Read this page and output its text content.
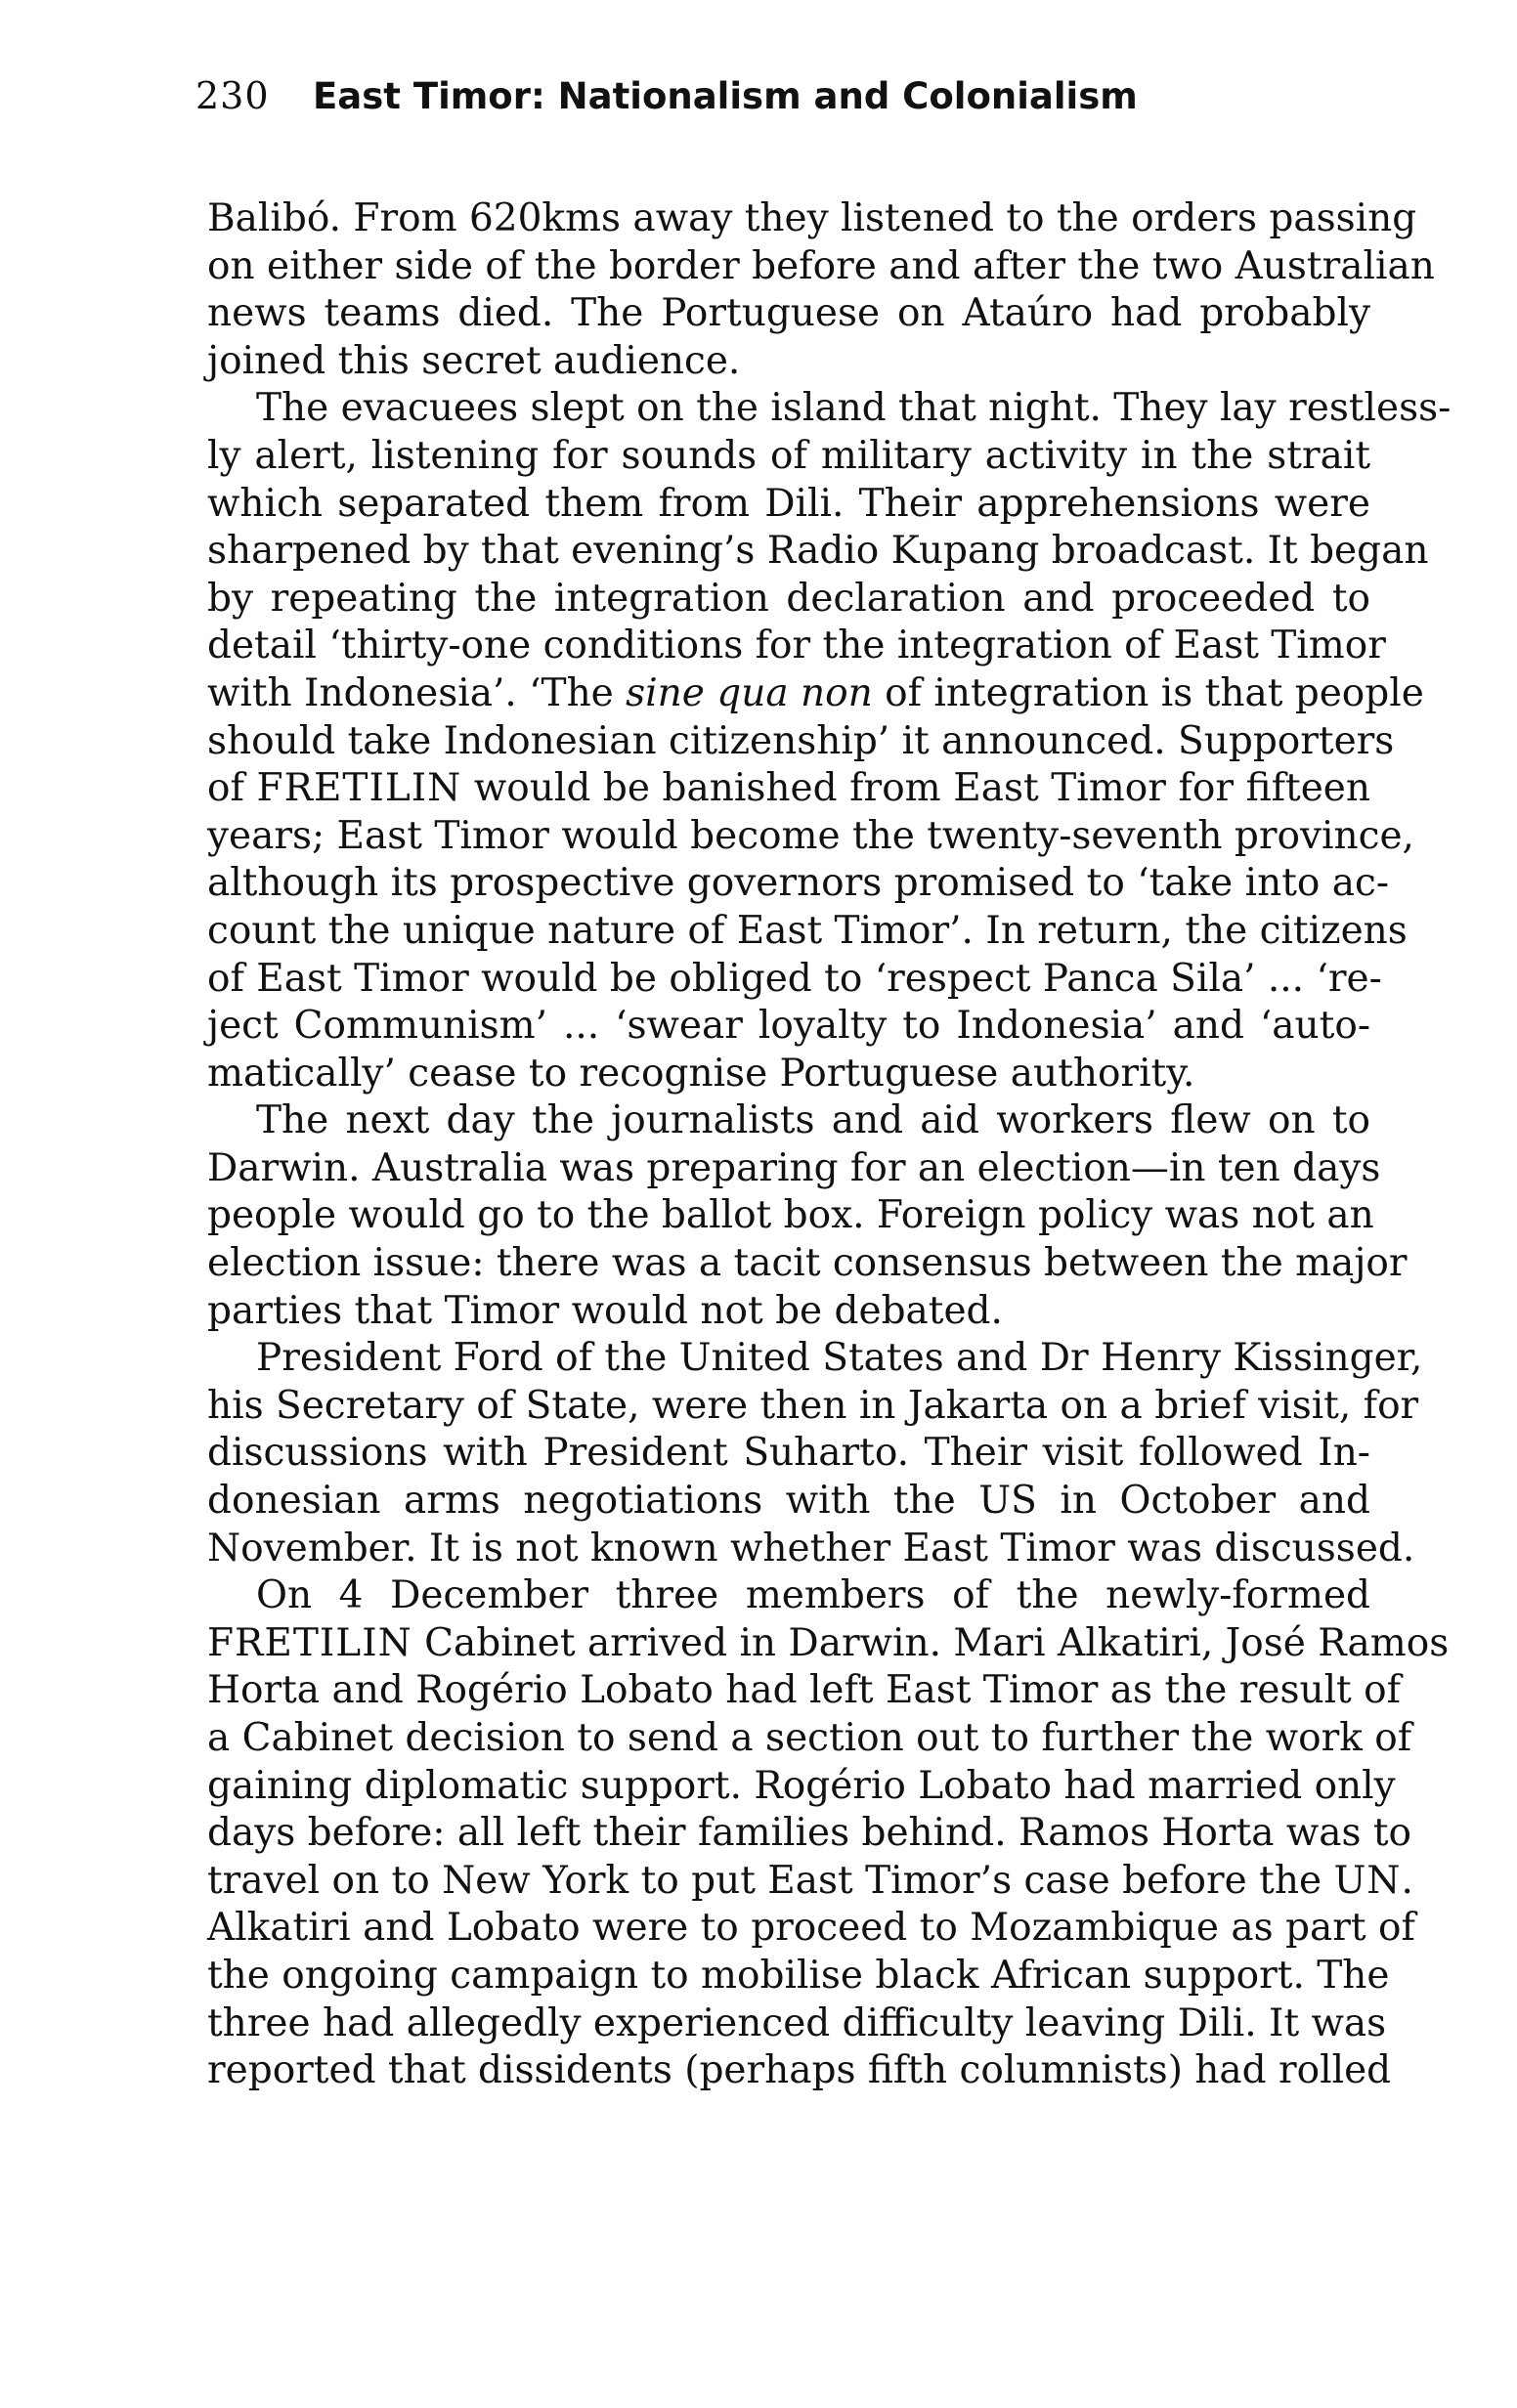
230 East Timor: Nationalism and Colonialism
Balibó. From 620kms away they listened to the orders passing
on either side of the border before and after the two Australian
news teams died. The Portuguese on Ataúro had probably
joined this secret audience.
The evacuees slept on the island that night. They lay restless-
ly alert, listening for sounds of military activity in the strait
which separated them from Dili. Their apprehensions were
sharpened by that evening’s Radio Kupang broadcast. It began
by repeating the integration declaration and proceeded to
detail ‘thirty-one conditions for the integration of East Timor
with Indonesia’. ‘The sine qua non of integration is that people
should take Indonesian citizenship’ it announced. Supporters
of FRETILIN would be banished from East Timor for fifteen
years; East Timor would become the twenty-seventh province,
although its prospective governors promised to ‘take into ac-
count the unique nature of East Timor’. In return, the citizens
of East Timor would be obliged to ‘respect Panca Sila’ ... ‘re-
ject Communism’ ... ‘swear loyalty to Indonesia’ and ‘auto-
matically’ cease to recognise Portuguese authority.
The next day the journalists and aid workers flew on to
Darwin. Australia was preparing for an election—in ten days
people would go to the ballot box. Foreign policy was not an
election issue: there was a tacit consensus between the major
parties that Timor would not be debated.
President Ford of the United States and Dr Henry Kissinger,
his Secretary of State, were then in Jakarta on a brief visit, for
discussions with President Suharto. Their visit followed In-
donesian arms negotiations with the US in October and
November. It is not known whether East Timor was discussed.
On 4 December three members of the newly-formed
FRETILIN Cabinet arrived in Darwin. Mari Alkatiri, José Ramos
Horta and Rogério Lobato had left East Timor as the result of
a Cabinet decision to send a section out to further the work of
gaining diplomatic support. Rogério Lobato had married only
days before: all left their families behind. Ramos Horta was to
travel on to New York to put East Timor’s case before the UN.
Alkatiri and Lobato were to proceed to Mozambique as part of
the ongoing campaign to mobilise black African support. The
three had allegedly experienced difficulty leaving Dili. It was
reported that dissidents (perhaps fifth columnists) had rolled
